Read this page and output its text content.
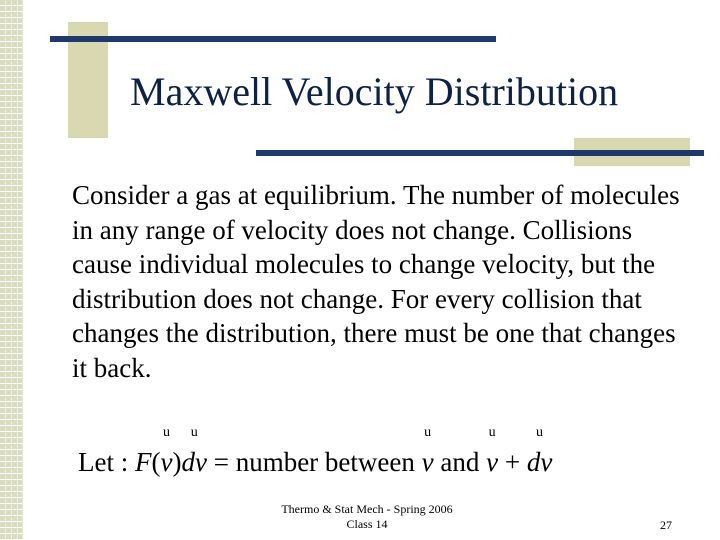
Maxwell Velocity Distribution
Consider a gas at equilibrium. The number of molecules in any range of velocity does not change. Collisions cause individual molecules to change velocity, but the distribution does not change. For every collision that changes the distribution, there must be one that changes it back.
Let : F(
u
v)
u
dv = number between
u
v and
u
v +
u
dv
Thermo & Stat Mech - Spring 2006
Class 14	27
